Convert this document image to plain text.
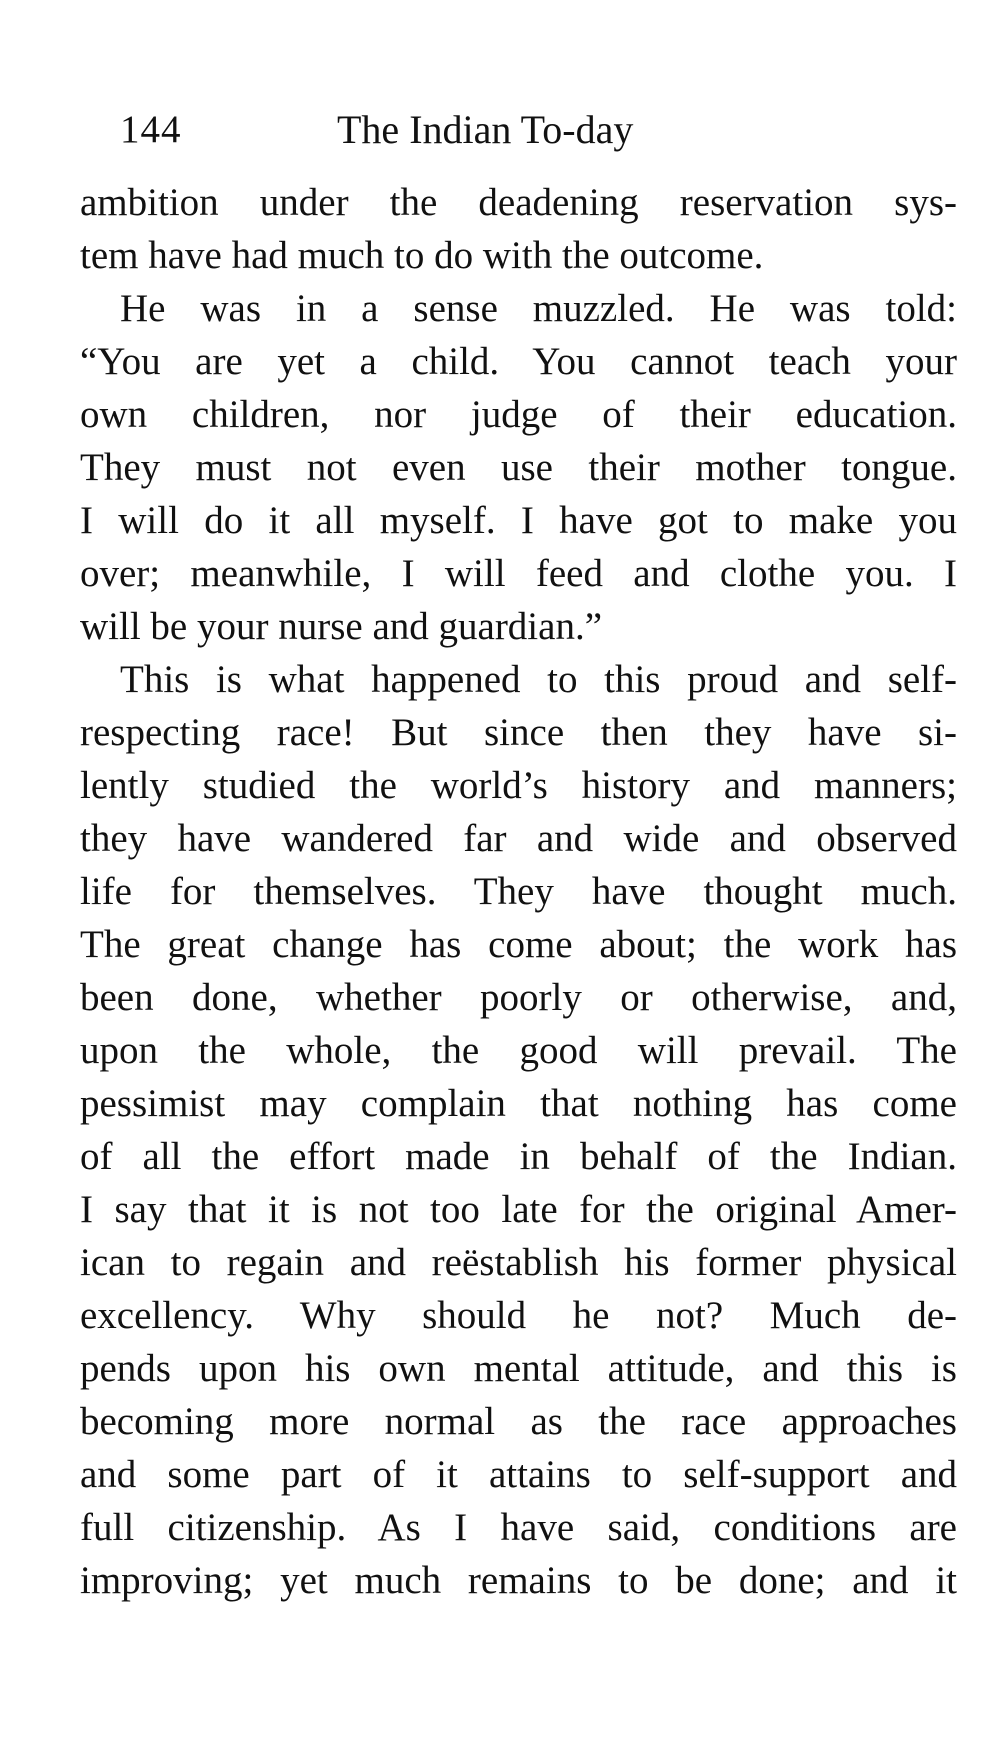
144	The Indian To-day
ambition under the deadening reservation sys-
tem have had much to do with the outcome.
He was in a sense muzzled. He was told:
“You are yet a child. You cannot teach your
own children, nor judge of their education.
They must not even use their mother tongue.
I will do it all myself. I have got to make you
over; meanwhile, I will feed and clothe you. I
will be your nurse and guardian.”
This is what happened to this proud and self-
respecting race! But since then they have si-
lently studied the world’s history and manners;
they have wandered far and wide and observed
life for themselves. They have thought much.
The great change has come about; the work has
been done, whether poorly or otherwise, and,
upon the whole, the good will prevail. The
pessimist may complain that nothing has come
of all the effort made in behalf of the Indian.
I say that it is not too late for the original Amer-
ican to regain and reëstablish his former physical
excellency. Why should he not? Much de-
pends upon his own mental attitude, and this is
becoming more normal as the race approaches
and some part of it attains to self-support and
full citizenship. As I have said, conditions are
improving; yet much remains to be done; and it
